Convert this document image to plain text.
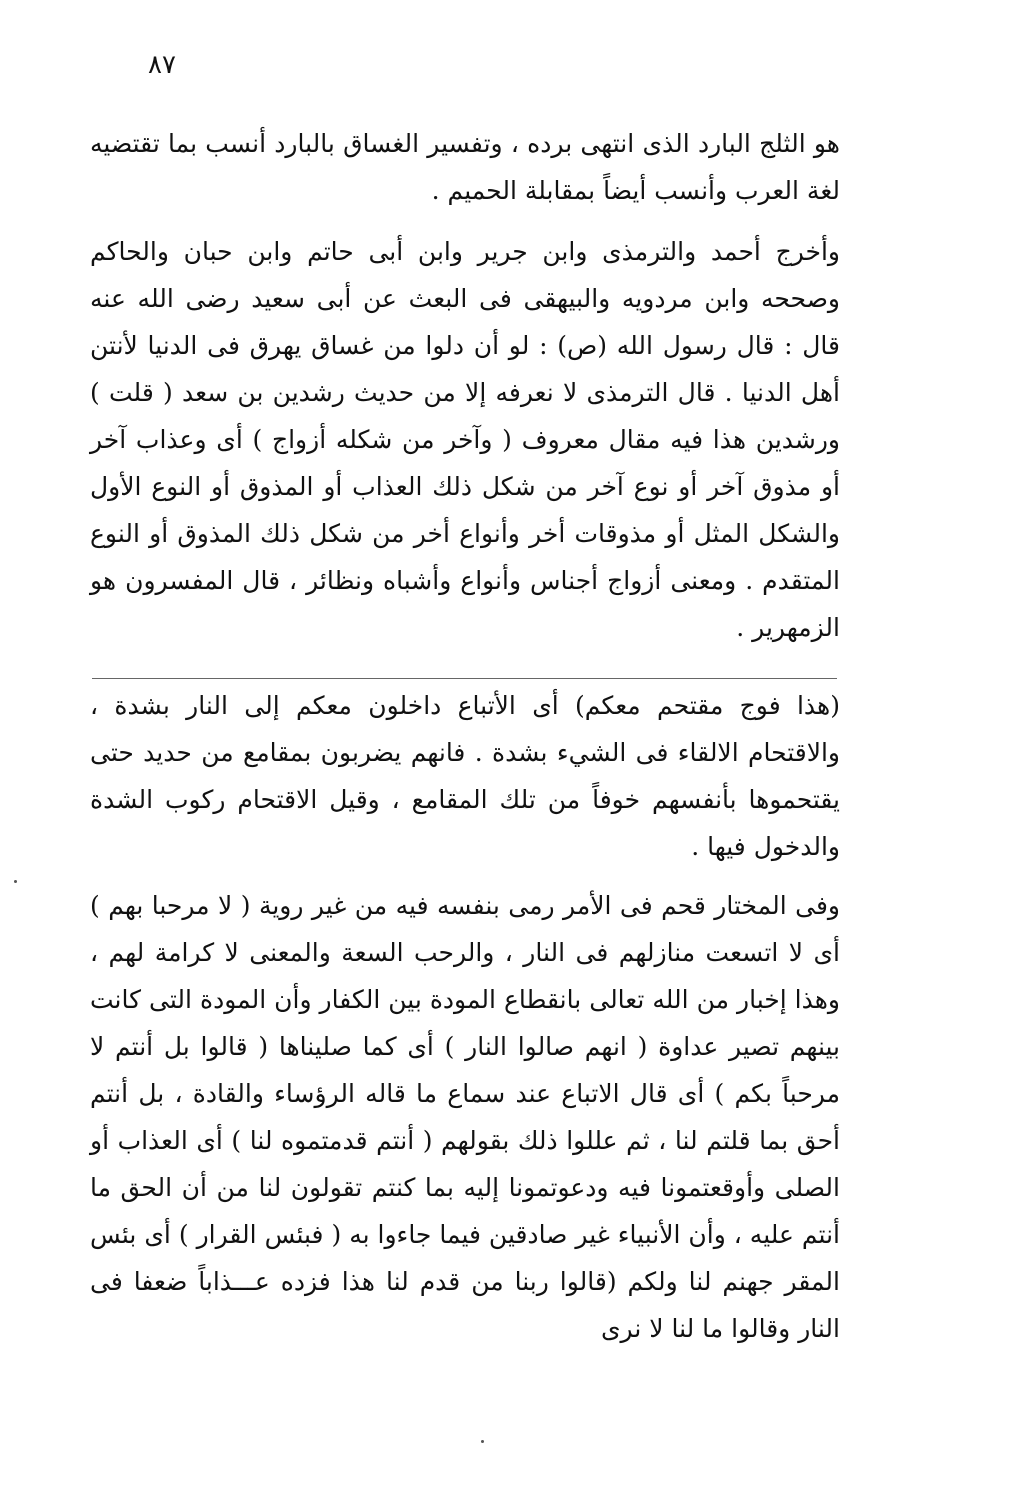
٨٧

هو الثلج البارد الذى انتهى برده ، وتفسير الغساق بالبارد أنسب بما تقتضيه لغة العرب وأنسب أيضاً بمقابلة الحميم .

وأخرج أحمد والترمذى وابن جرير وابن أبى حاتم وابن حبان والحاكم وصححه وابن مردويه والبيهقى فى البعث عن أبى سعيد رضى الله عنه قال : قال رسول الله (ص) : لو أن دلوا من غساق يهرق فى الدنيا لأنتن أهل الدنيا . قال الترمذى لا نعرفه إلا من حديث رشدين بن سعد ( قلت ) ورشدين هذا فيه مقال معروف ( وآخر من شكله أزواج ) أى وعذاب آخر أو مذوق آخر أو نوع آخر من شكل ذلك العذاب أو المذوق أو النوع الأول والشكل المثل أو مذوقات أخر وأنواع أخر من شكل ذلك المذوق أو النوع المتقدم . ومعنى أزواج أجناس وأنواع وأشباه ونظائر ، قال المفسرون هو الزمهرير .

(هذا فوج مقتحم معكم) أى الأتباع داخلون معكم إلى النار بشدة ، والاقتحام الالقاء فى الشيء بشدة . فانهم يضربون بمقامع من حديد حتى يقتحموها بأنفسهم خوفاً من تلك المقامع ، وقيل الاقتحام ركوب الشدة والدخول فيها .

وفى المختار قحم فى الأمر رمى بنفسه فيه من غير روية ( لا مرحبا بهم ) أى لا اتسعت منازلهم فى النار ، والرحب السعة والمعنى لا كرامة لهم ، وهذا إخبار من الله تعالى بانقطاع المودة بين الكفار وأن المودة التى كانت بينهم تصير عداوة ( انهم صالوا النار ) أى كما صليناها ( قالوا بل أنتم لا مرحباً بكم ) أى قال الاتباع عند سماع ما قاله الرؤساء والقادة ، بل أنتم أحق بما قلتم لنا ، ثم عللوا ذلك بقولهم ( أنتم قدمتموه لنا ) أى العذاب أو الصلى وأوقعتمونا فيه ودعوتمونا إليه بما كنتم تقولون لنا من أن الحق ما أنتم عليه ، وأن الأنبياء غير صادقين فيما جاءوا به ( فبئس القرار ) أى بئس المقر جهنم لنا ولكم (قالوا ربنا من قدم لنا هذا فزده عـــذاباً ضعفا فى النار وقالوا ما لنا لا نرى
